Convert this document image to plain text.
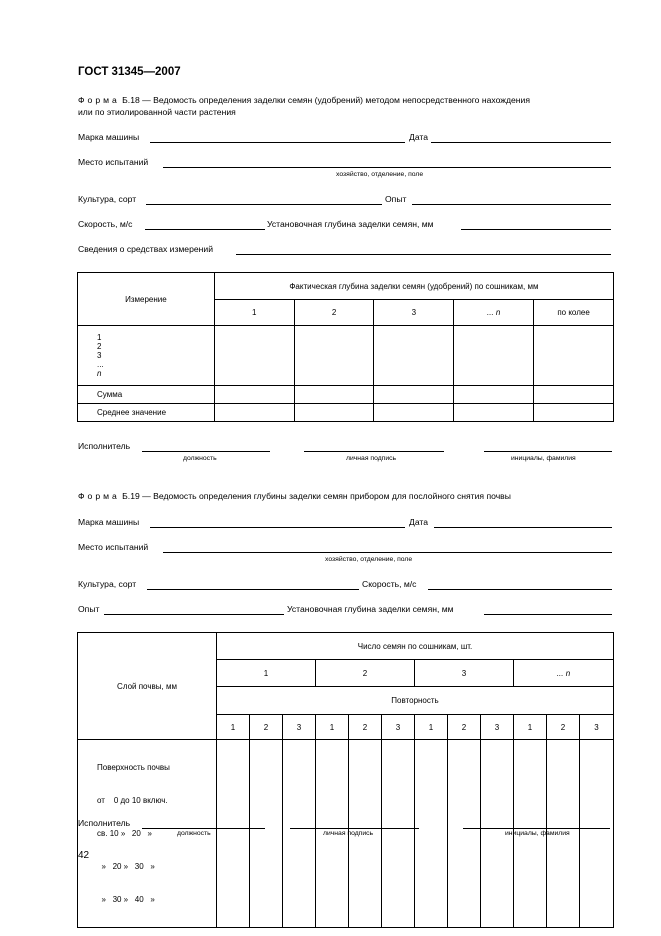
ГОСТ 31345—2007
Форма Б.18 — Ведомость определения заделки семян (удобрений) методом непосредственного нахождения
или по этиолированной части растения
Марка машины	Дата
Место испытаний
хозяйство, отделение, поле
Культура, сорт	Опыт
Скорость, м/с	Установочная глубина заделки семян, мм
Сведения о средствах измерений
Измерение	Фактическая глубина заделки семян (удобрений) по сошникам, мм				
	1	2	3	... n	по колее

1
2
3
...
n					

Сумма					
Среднее значение					
Исполнитель
должность	личная подпись	инициалы, фамилия
Форма Б.19 — Ведомость определения глубины заделки семян прибором для послойного снятия почвы
Марка машины	Дата
Место испытаний
хозяйство, отделение, поле
Культура, сорт	Скорость, м/с
Опыт	Установочная глубина заделки семян, мм
Слой почвы, мм	Число семян по сошникам, шт.											
	1			2			3			... n		
	Повторность											
	1	2	3	1	2	3	1	2	3	1	2	3

Поверхность почвы

от    0 до 10 включ.

св. 10 »   20   »

»   20 »   30   »

»   30 »   40   »												

Исполнитель
должность	личная подпись	инициалы, фамилия
42
